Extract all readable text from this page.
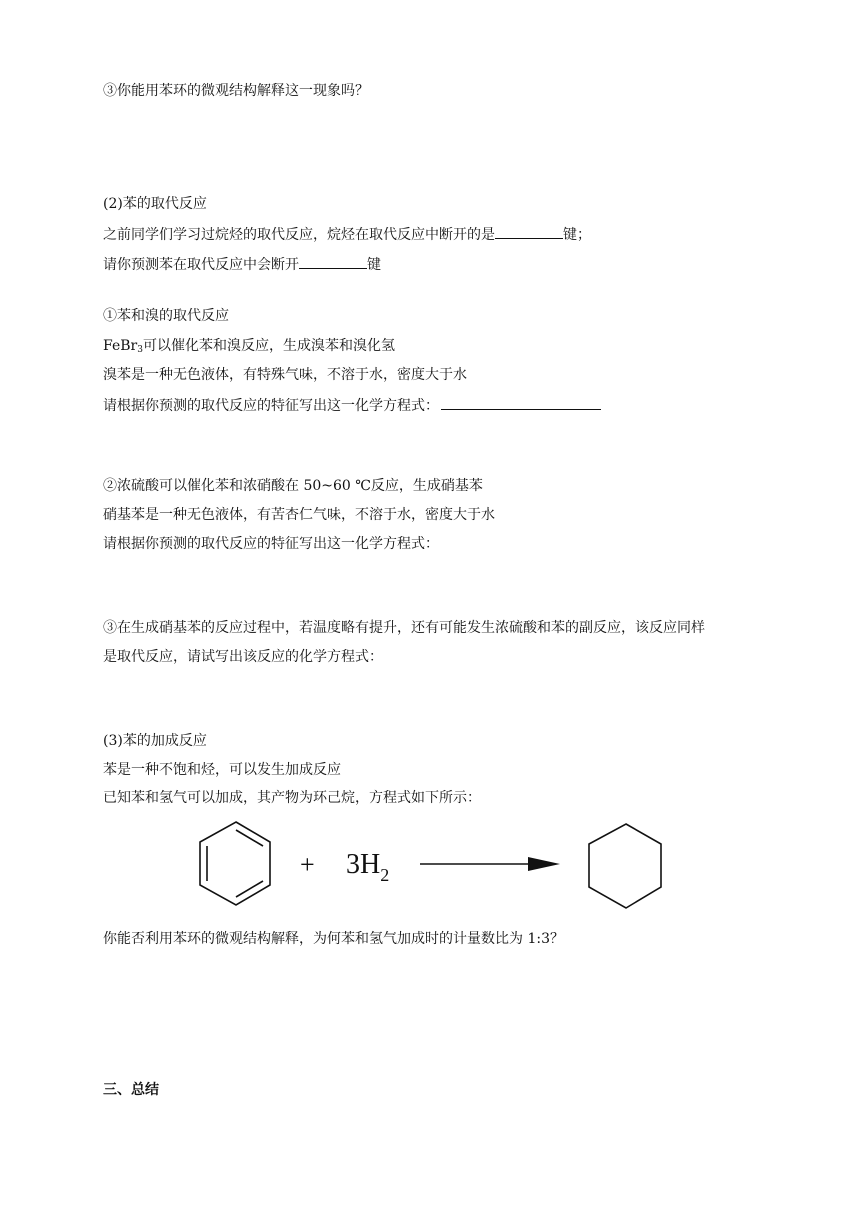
③你能用苯环的微观结构解释这一现象吗？
(2)苯的取代反应
之前同学们学习过烷烃的取代反应，烷烃在取代反应中断开的是	键；
请你预测苯在取代反应中会断开	键
①苯和溴的取代反应
FeBr$_3$可以催化苯和溴反应，生成溴苯和溴化氢
溴苯是一种无色液体，有特殊气味，不溶于水，密度大于水
请根据你预测的取代反应的特征写出这一化学方程式：
②浓硫酸可以催化苯和浓硝酸在 50~60 ℃反应，生成硝基苯
硝基苯是一种无色液体，有苦杏仁气味，不溶于水，密度大于水
请根据你预测的取代反应的特征写出这一化学方程式：
③在生成硝基苯的反应过程中，若温度略有提升，还有可能发生浓硫酸和苯的副反应，该反应同样
是取代反应，请试写出该反应的化学方程式：
(3)苯的加成反应
苯是一种不饱和烃，可以发生加成反应
已知苯和氢气可以加成，其产物为环己烷，方程式如下所示：
+ $3H_2$
你能否利用苯环的微观结构解释，为何苯和氢气加成时的计量数比为 1:3？
三、总结
